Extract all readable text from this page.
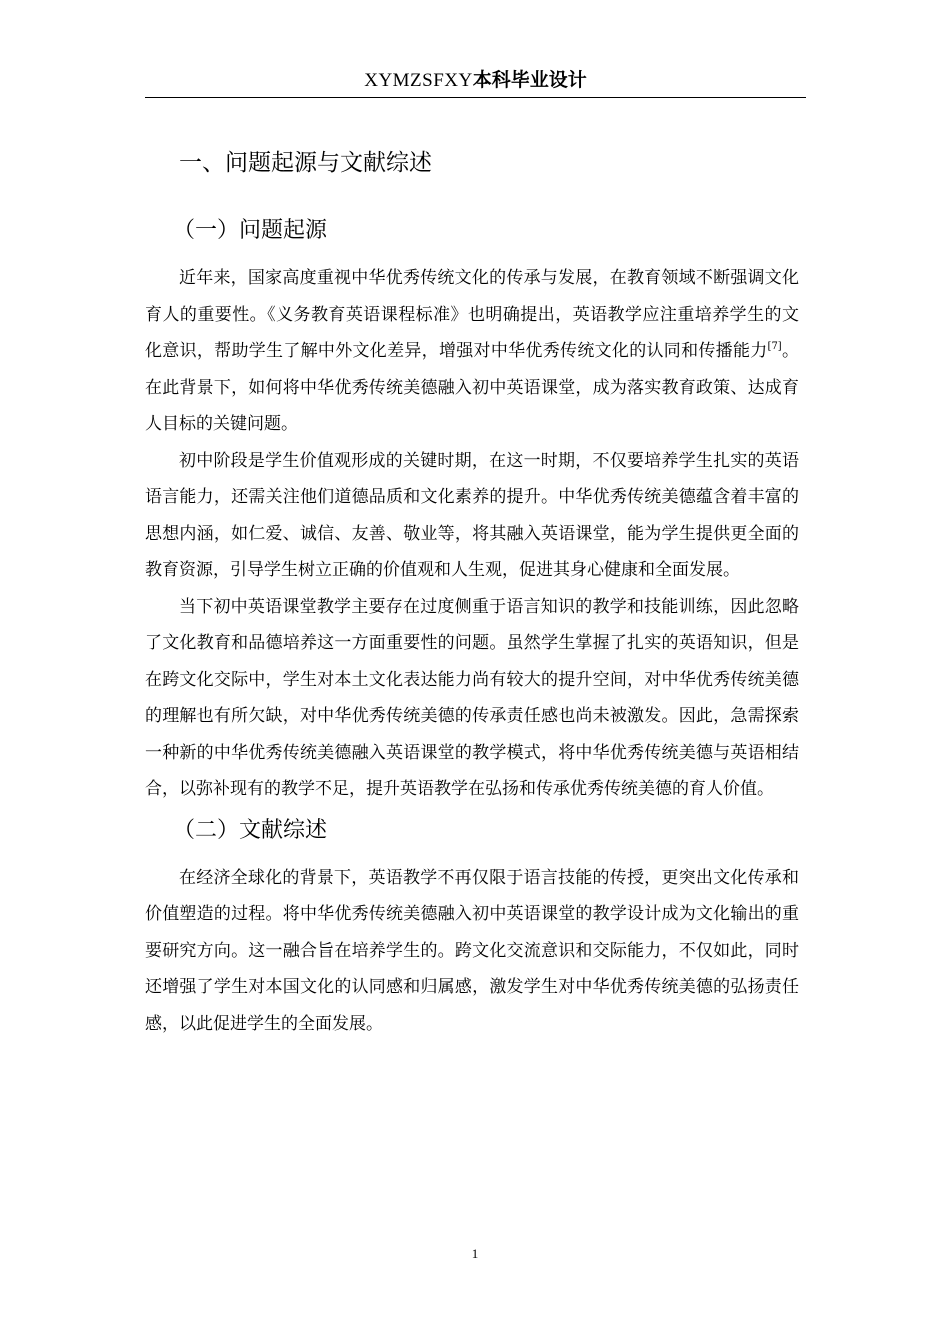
XYMZSFXY本科毕业设计
一、问题起源与文献综述
（一）问题起源

近年来，国家高度重视中华优秀传统文化的传承与发展，在教育领域不断强调文化育人的重要性。《义务教育英语课程标准》也明确提出，英语教学应注重培养学生的文化意识，帮助学生了解中外文化差异，增强对中华优秀传统文化的认同和传播能力[7]。在此背景下，如何将中华优秀传统美德融入初中英语课堂，成为落实教育政策、达成育人目标的关键问题。

初中阶段是学生价值观形成的关键时期，在这一时期，不仅要培养学生扎实的英语语言能力，还需关注他们道德品质和文化素养的提升。中华优秀传统美德蕴含着丰富的思想内涵，如仁爱、诚信、友善、敬业等，将其融入英语课堂，能为学生提供更全面的教育资源，引导学生树立正确的价值观和人生观，促进其身心健康和全面发展。

当下初中英语课堂教学主要存在过度侧重于语言知识的教学和技能训练，因此忽略了文化教育和品德培养这一方面重要性的问题。虽然学生掌握了扎实的英语知识，但是在跨文化交际中，学生对本土文化表达能力尚有较大的提升空间，对中华优秀传统美德的理解也有所欠缺，对中华优秀传统美德的传承责任感也尚未被激发。因此，急需探索一种新的中华优秀传统美德融入英语课堂的教学模式，将中华优秀传统美德与英语相结合，以弥补现有的教学不足，提升英语教学在弘扬和传承优秀传统美德的育人价值。

（二）文献综述

在经济全球化的背景下，英语教学不再仅限于语言技能的传授，更突出文化传承和价值塑造的过程。将中华优秀传统美德融入初中英语课堂的教学设计成为文化输出的重要研究方向。这一融合旨在培养学生的。跨文化交流意识和交际能力，不仅如此，同时还增强了学生对本国文化的认同感和归属感，激发学生对中华优秀传统美德的弘扬责任感，以此促进学生的全面发展。

1
